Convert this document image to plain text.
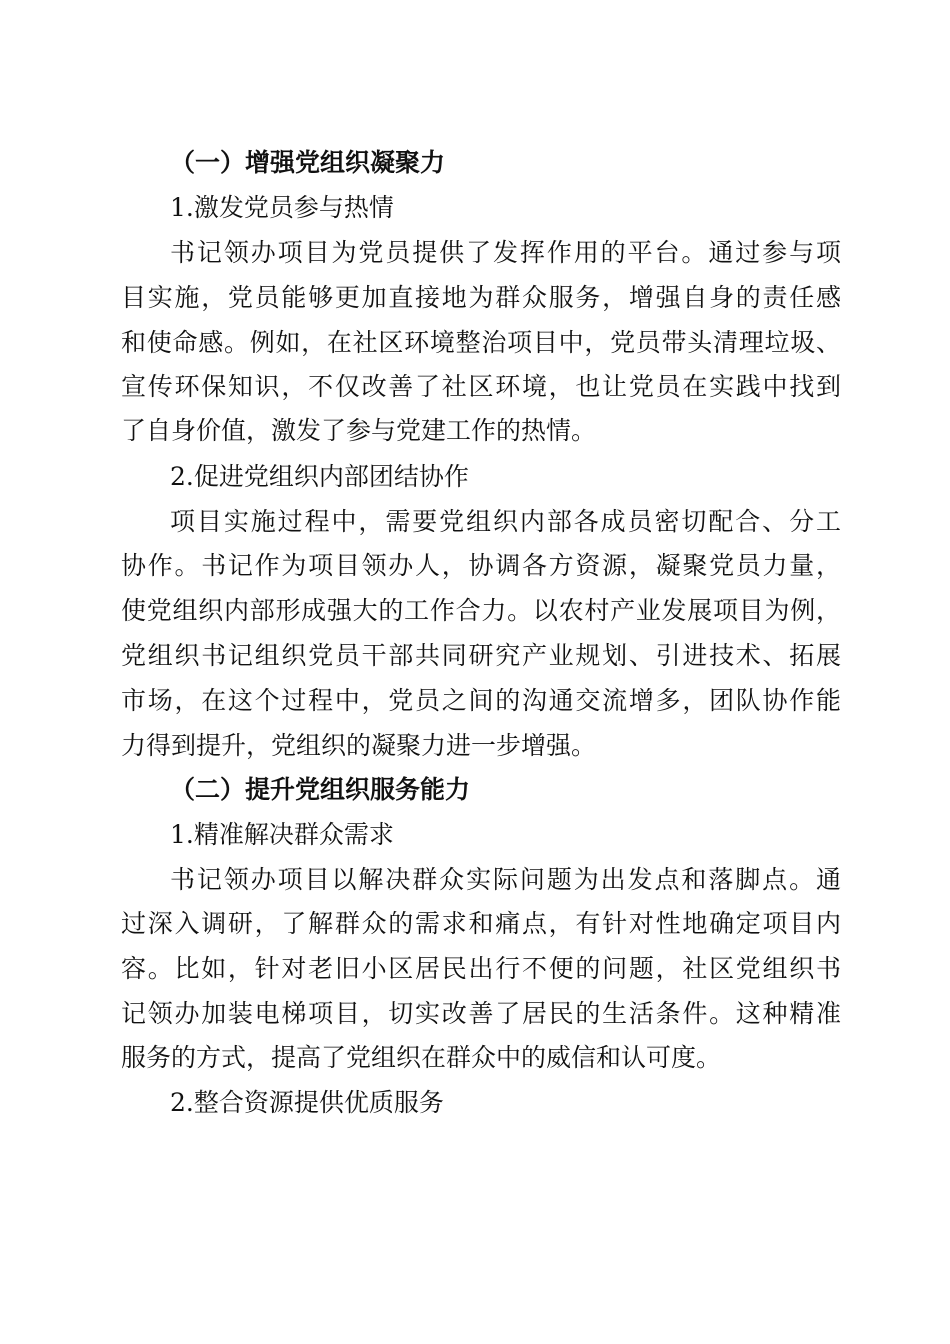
（一）增强党组织凝聚力

1.激发党员参与热情

书记领办项目为党员提供了发挥作用的平台。通过参与项

目实施，党员能够更加直接地为群众服务，增强自身的责任感

和使命感。例如，在社区环境整治项目中，党员带头清理垃圾、

宣传环保知识，不仅改善了社区环境，也让党员在实践中找到

了自身价值，激发了参与党建工作的热情。

2.促进党组织内部团结协作

项目实施过程中，需要党组织内部各成员密切配合、分工

协作。书记作为项目领办人，协调各方资源，凝聚党员力量，

使党组织内部形成强大的工作合力。以农村产业发展项目为例，

党组织书记组织党员干部共同研究产业规划、引进技术、拓展

市场，在这个过程中，党员之间的沟通交流增多，团队协作能

力得到提升，党组织的凝聚力进一步增强。

（二）提升党组织服务能力

1.精准解决群众需求

书记领办项目以解决群众实际问题为出发点和落脚点。通

过深入调研，了解群众的需求和痛点，有针对性地确定项目内

容。比如，针对老旧小区居民出行不便的问题，社区党组织书

记领办加装电梯项目，切实改善了居民的生活条件。这种精准

服务的方式，提高了党组织在群众中的威信和认可度。

2.整合资源提供优质服务
